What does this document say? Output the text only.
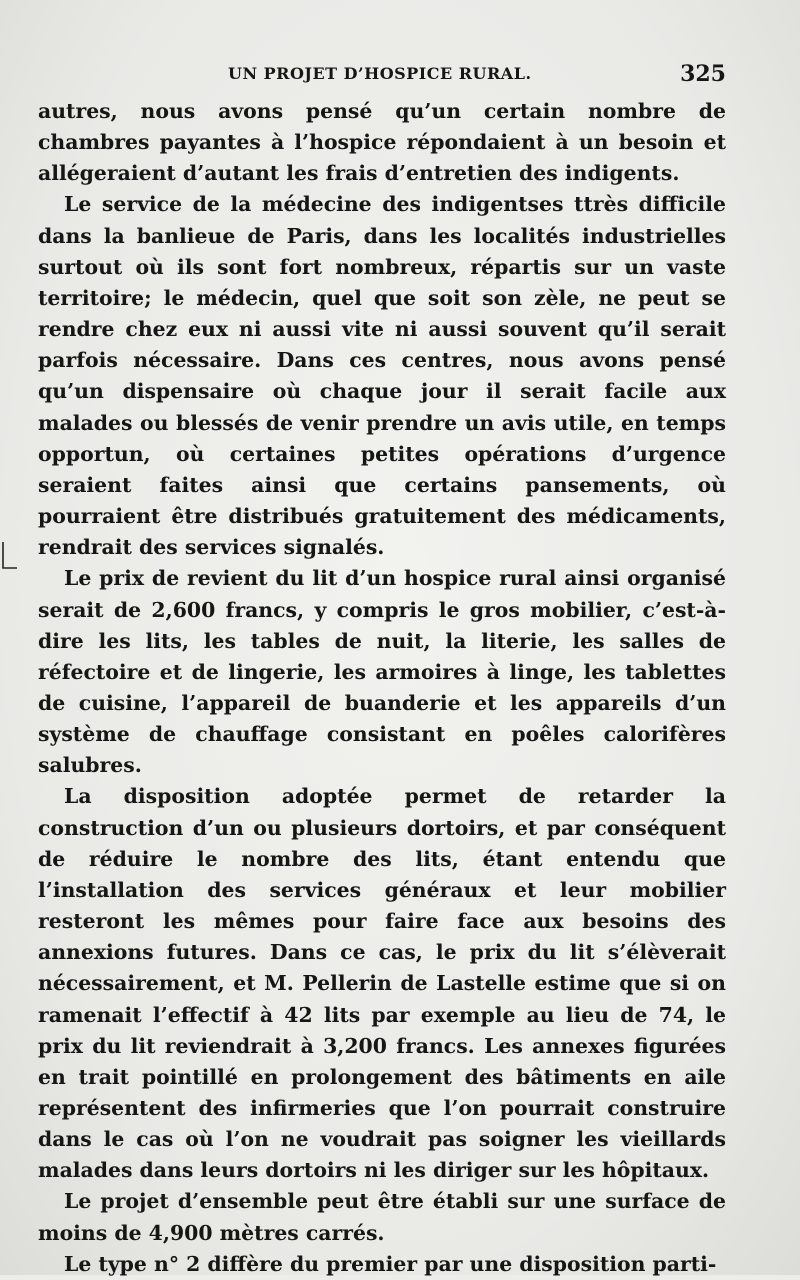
UN PROJET D’HOSPICE RURAL.	325

autres, nous avons pensé qu’un certain nombre de chambres payantes à l’hospice répondaient à un besoin et allégeraient d’autant les frais d’entretien des indigents.

Le service de la médecine des indigentses ttrès difficile dans la banlieue de Paris, dans les localités industrielles surtout où ils sont fort nombreux, répartis sur un vaste territoire; le médecin, quel que soit son zèle, ne peut se rendre chez eux ni aussi vite ni aussi souvent qu’il serait parfois nécessaire. Dans ces centres, nous avons pensé qu’un dispensaire où chaque jour il serait facile aux malades ou blessés de venir prendre un avis utile, en temps opportun, où certaines petites opérations d’urgence seraient faites ainsi que certains pansements, où pourraient être distribués gratuitement des médicaments, rendrait des services signalés.

Le prix de revient du lit d’un hospice rural ainsi organisé serait de 2,600 francs, y compris le gros mobilier, c’est-à-dire les lits, les tables de nuit, la literie, les salles de réfectoire et de lingerie, les armoires à linge, les tablettes de cuisine, l’appareil de buanderie et les appareils d’un système de chauffage consistant en poêles calorifères salubres.

La disposition adoptée permet de retarder la construction d’un ou plusieurs dortoirs, et par conséquent de réduire le nombre des lits, étant entendu que l’installation des services généraux et leur mobilier resteront les mêmes pour faire face aux besoins des annexions futures. Dans ce cas, le prix du lit s’élèverait nécessairement, et M. Pellerin de Lastelle estime que si on ramenait l’effectif à 42 lits par exemple au lieu de 74, le prix du lit reviendrait à 3,200 francs. Les annexes figurées en trait pointillé en prolongement des bâtiments en aile représentent des infirmeries que l’on pourrait construire dans le cas où l’on ne voudrait pas soigner les vieillards malades dans leurs dortoirs ni les diriger sur les hôpitaux.

Le projet d’ensemble peut être établi sur une surface de moins de 4,900 mètres carrés.

Le type n° 2 diffère du premier par une disposition parti-
